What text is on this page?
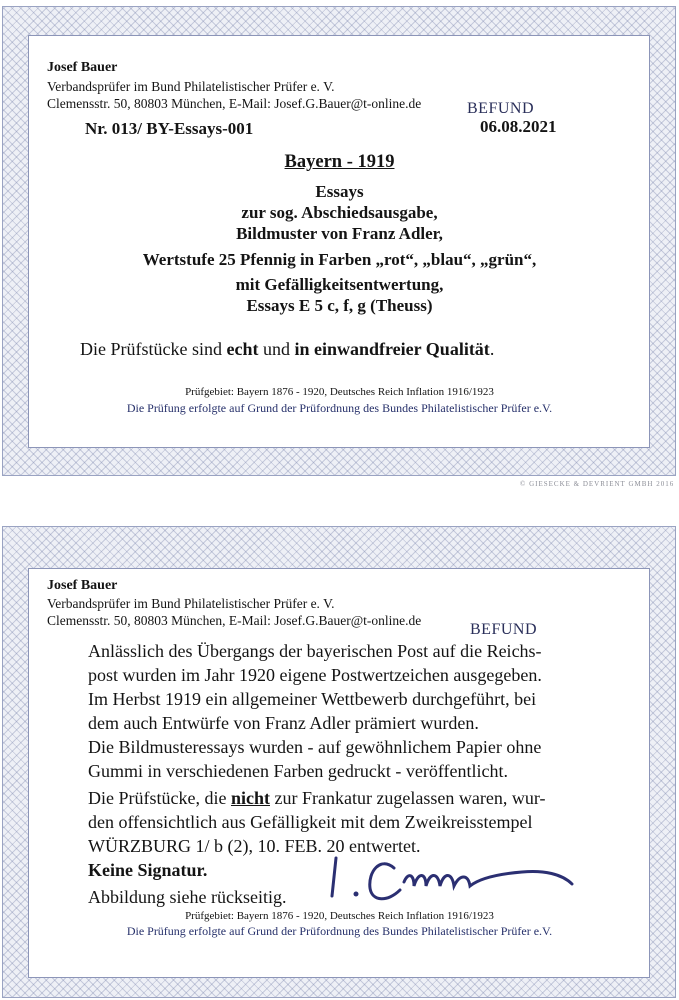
Josef Bauer
Verbandsprüfer im Bund Philatelistischer Prüfer e. V.
Clemensstr. 50, 80803 München, E-Mail: Josef.G.Bauer@t-online.de	BEFUND
Nr. 013/ BY-Essays-001	06.08.2021
Bayern - 1919
Essays
zur sog. Abschiedsausgabe,
Bildmuster von Franz Adler,
Wertstufe 25 Pfennig in Farben „rot“, „blau“, „grün“,
mit Gefälligkeitsentwertung,
Essays E 5 c, f, g (Theuss)
Die Prüfstücke sind echt und in einwandfreier Qualität.
Prüfgebiet: Bayern 1876 - 1920, Deutsches Reich Inflation 1916/1923
Die Prüfung erfolgte auf Grund der Prüfordnung des Bundes Philatelistischer Prüfer e.V.
© GIESECKE & DEVRIENT GMBH 2016
Josef Bauer
Verbandsprüfer im Bund Philatelistischer Prüfer e. V.
Clemensstr. 50, 80803 München, E-Mail: Josef.G.Bauer@t-online.de
BEFUND
Anlässlich des Übergangs der bayerischen Post auf die Reichs-
post wurden im Jahr 1920 eigene Postwertzeichen ausgegeben.
Im Herbst 1919 ein allgemeiner Wettbewerb durchgeführt, bei
dem auch Entwürfe von Franz Adler prämiert wurden.
Die Bildmusteressays wurden - auf gewöhnlichem Papier ohne
Gummi in verschiedenen Farben gedruckt - veröffentlicht.
Die Prüfstücke, die nicht zur Frankatur zugelassen waren, wur-
den offensichtlich aus Gefälligkeit mit dem Zweikreisstempel
WÜRZBURG 1/ b (2), 10. FEB. 20 entwertet.
Keine Signatur.
Abbildung siehe rückseitig.
Prüfgebiet: Bayern 1876 - 1920, Deutsches Reich Inflation 1916/1923
Die Prüfung erfolgte auf Grund der Prüfordnung des Bundes Philatelistischer Prüfer e.V.
